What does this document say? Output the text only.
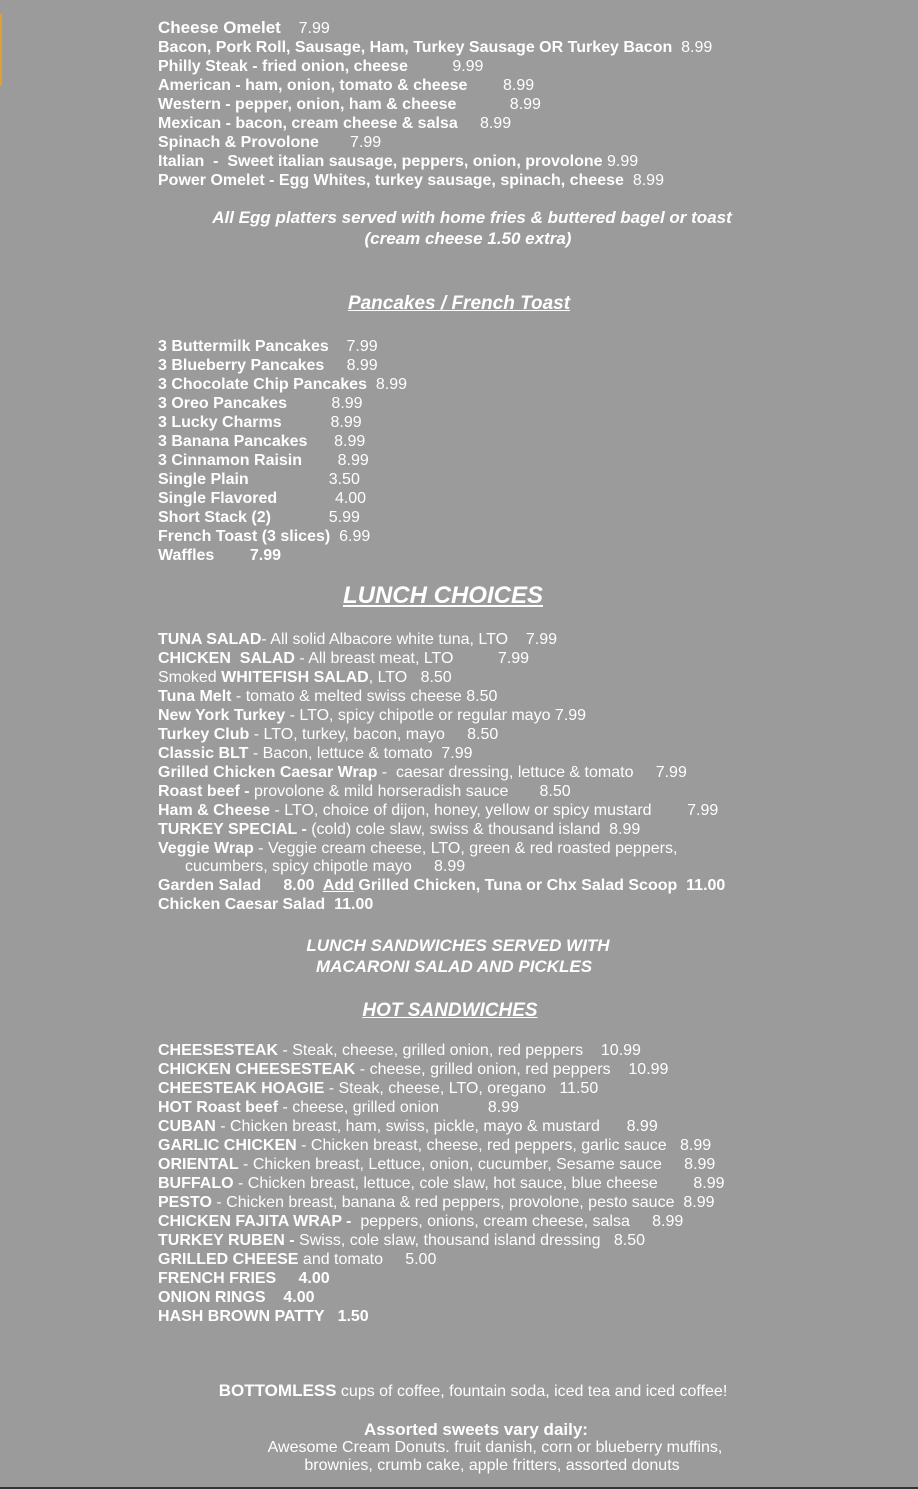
Cheese Omelet 7.99
Bacon, Pork Roll, Sausage, Ham, Turkey Sausage OR Turkey Bacon 8.99
Philly Steak - fried onion, cheese	9.99
American - ham, onion, tomato & cheese 8.99
Western - pepper, onion, ham & cheese	8.99
Mexican - bacon, cream cheese & salsa 8.99
Spinach & Provolone 7.99
Italian  -  Sweet italian sausage, peppers, onion, provolone 9.99
Power Omelet - Egg Whites, turkey sausage, spinach, cheese 8.99
All Egg platters served with home fries & buttered bagel or toast
(cream cheese 1.50 extra)
Pancakes / French Toast
3 Buttermilk Pancakes 7.99
3 Blueberry Pancakes 8.99
3 Chocolate Chip Pancakes 8.99
3 Oreo Pancakes	8.99
3 Lucky Charms	8.99
3 Banana Pancakes 8.99
3 Cinnamon Raisin 8.99
Single Plain	3.50
Single Flavored	4.00
Short Stack (2)	5.99
French Toast (3 slices) 6.99
Waffles 7.99
LUNCH CHOICES
TUNA SALAD- All solid Albacore white tuna, LTO 7.99
CHICKEN  SALAD - All breast meat, LTO	7.99
Smoked WHITEFISH SALAD, LTO 8.50
Tuna Melt - tomato & melted swiss cheese 8.50
New York Turkey - LTO, spicy chipotle or regular mayo 7.99
Turkey Club - LTO, turkey, bacon, mayo 8.50
Classic BLT - Bacon, lettuce & tomato 7.99
Grilled Chicken Caesar Wrap -  caesar dressing, lettuce & tomato 7.99
Roast beef - provolone & mild horseradish sauce 8.50
Ham & Cheese - LTO, choice of dijon, honey, yellow or spicy mustard 7.99
TURKEY SPECIAL - (cold) cole slaw, swiss & thousand island 8.99
Veggie Wrap - Veggie cream cheese, LTO, green & red roasted peppers,
cucumbers, spicy chipotle mayo 8.99
Garden Salad 8.00 Add Grilled Chicken, Tuna or Chx Salad Scoop 11.00
Chicken Caesar Salad 11.00
LUNCH SANDWICHES SERVED WITH
MACARONI SALAD AND PICKLES
HOT SANDWICHES
CHEESESTEAK - Steak, cheese, grilled onion, red peppers 10.99
CHICKEN CHEESESTEAK - cheese, grilled onion, red peppers 10.99
CHEESTEAK HOAGIE - Steak, cheese, LTO, oregano 11.50
HOT Roast beef - cheese, grilled onion	8.99
CUBAN - Chicken breast, ham, swiss, pickle, mayo & mustard 8.99
GARLIC CHICKEN - Chicken breast, cheese, red peppers, garlic sauce 8.99
ORIENTAL - Chicken breast, Lettuce, onion, cucumber, Sesame sauce 8.99
BUFFALO - Chicken breast, lettuce, cole slaw, hot sauce, blue cheese 8.99
PESTO - Chicken breast, banana & red peppers, provolone, pesto sauce 8.99
CHICKEN FAJITA WRAP -  peppers, onions, cream cheese, salsa 8.99
TURKEY RUBEN - Swiss, cole slaw, thousand island dressing 8.50
GRILLED CHEESE and tomato 5.00
FRENCH FRIES 4.00
ONION RINGS 4.00
HASH BROWN PATTY 1.50
BOTTOMLESS cups of coffee, fountain soda, iced tea and iced coffee!
Assorted sweets vary daily:
Awesome Cream Donuts. fruit danish, corn or blueberry muffins,
brownies, crumb cake, apple fritters, assorted donuts
